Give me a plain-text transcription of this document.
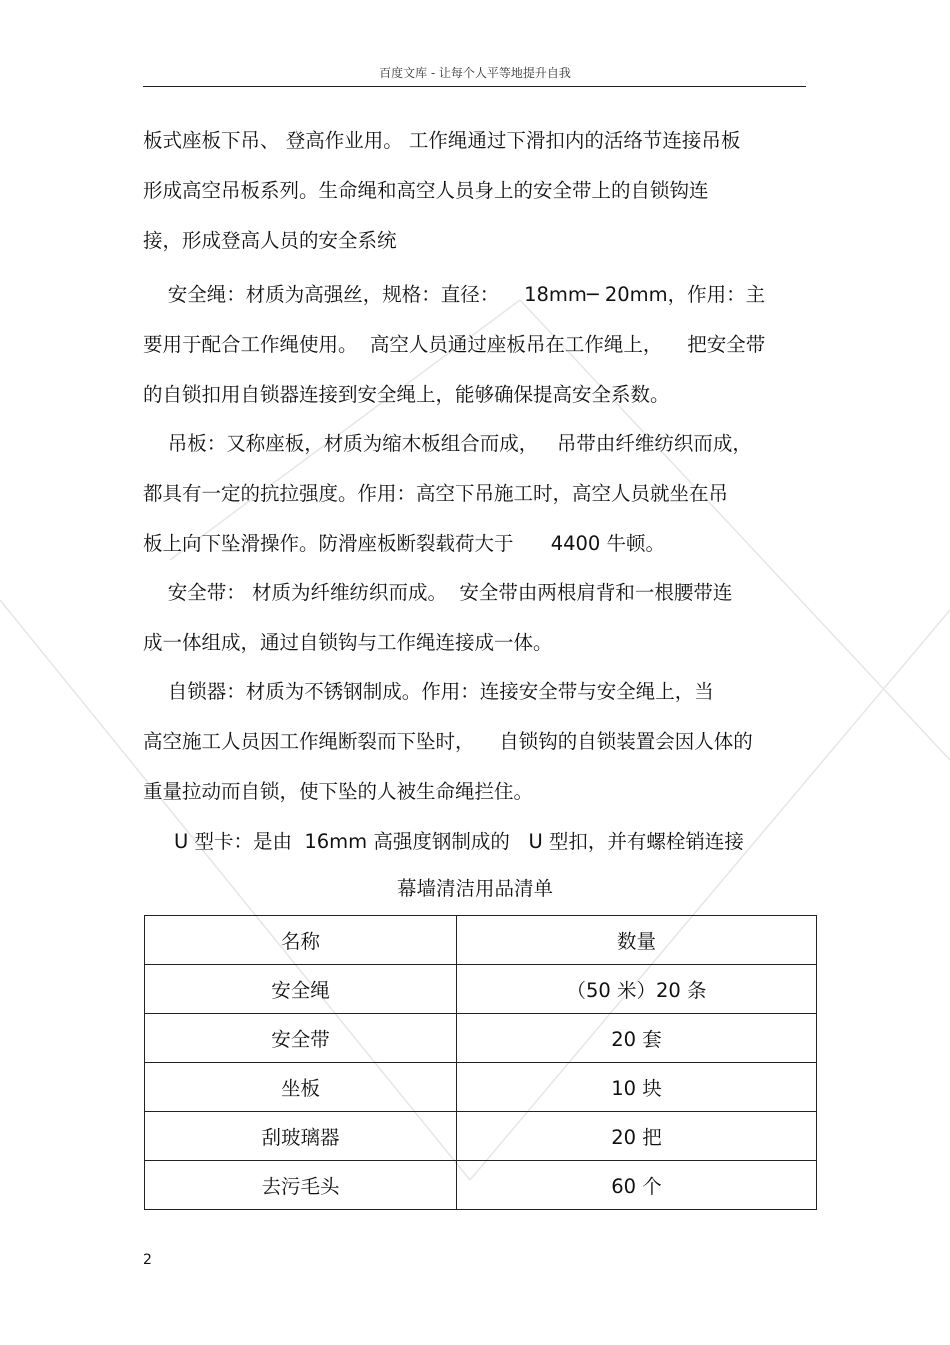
百度文库 - 让每个人平等地提升自我

板式座板下吊、 登高作业用。 工作绳通过下滑扣内的活络节连接吊板
形成高空吊板系列。生命绳和高空人员身上的安全带上的自锁钩连
接，形成登高人员的安全系统

安全绳：材质为高强丝，规格：直径：    18mm─ 20mm，作用：主
要用于配合工作绳使用。  高空人员通过座板吊在工作绳上，    把安全带
的自锁扣用自锁器连接到安全绳上，能够确保提高安全系数。

吊板：又称座板，材质为缩木板组合而成，   吊带由纤维纺织而成，
都具有一定的抗拉强度。作用：高空下吊施工时，高空人员就坐在吊
板上向下坠滑操作。防滑座板断裂载荷大于      4400 牛顿。

安全带： 材质为纤维纺织而成。  安全带由两根肩背和一根腰带连
成一体组成，通过自锁钩与工作绳连接成一体。

自锁器：材质为不锈钢制成。作用：连接安全带与安全绳上，当
高空施工人员因工作绳断裂而下坠时，    自锁钩的自锁装置会因人体的
重量拉动而自锁，使下坠的人被生命绳拦住。

U 型卡：是由  16mm 高强度钢制成的   U 型扣，并有螺栓销连接

幕墙清洁用品清单
名称	数量
安全绳	（50 米）20 条
安全带	20 套
坐板	10 块
刮玻璃器	20 把
去污毛头	60 个
2
